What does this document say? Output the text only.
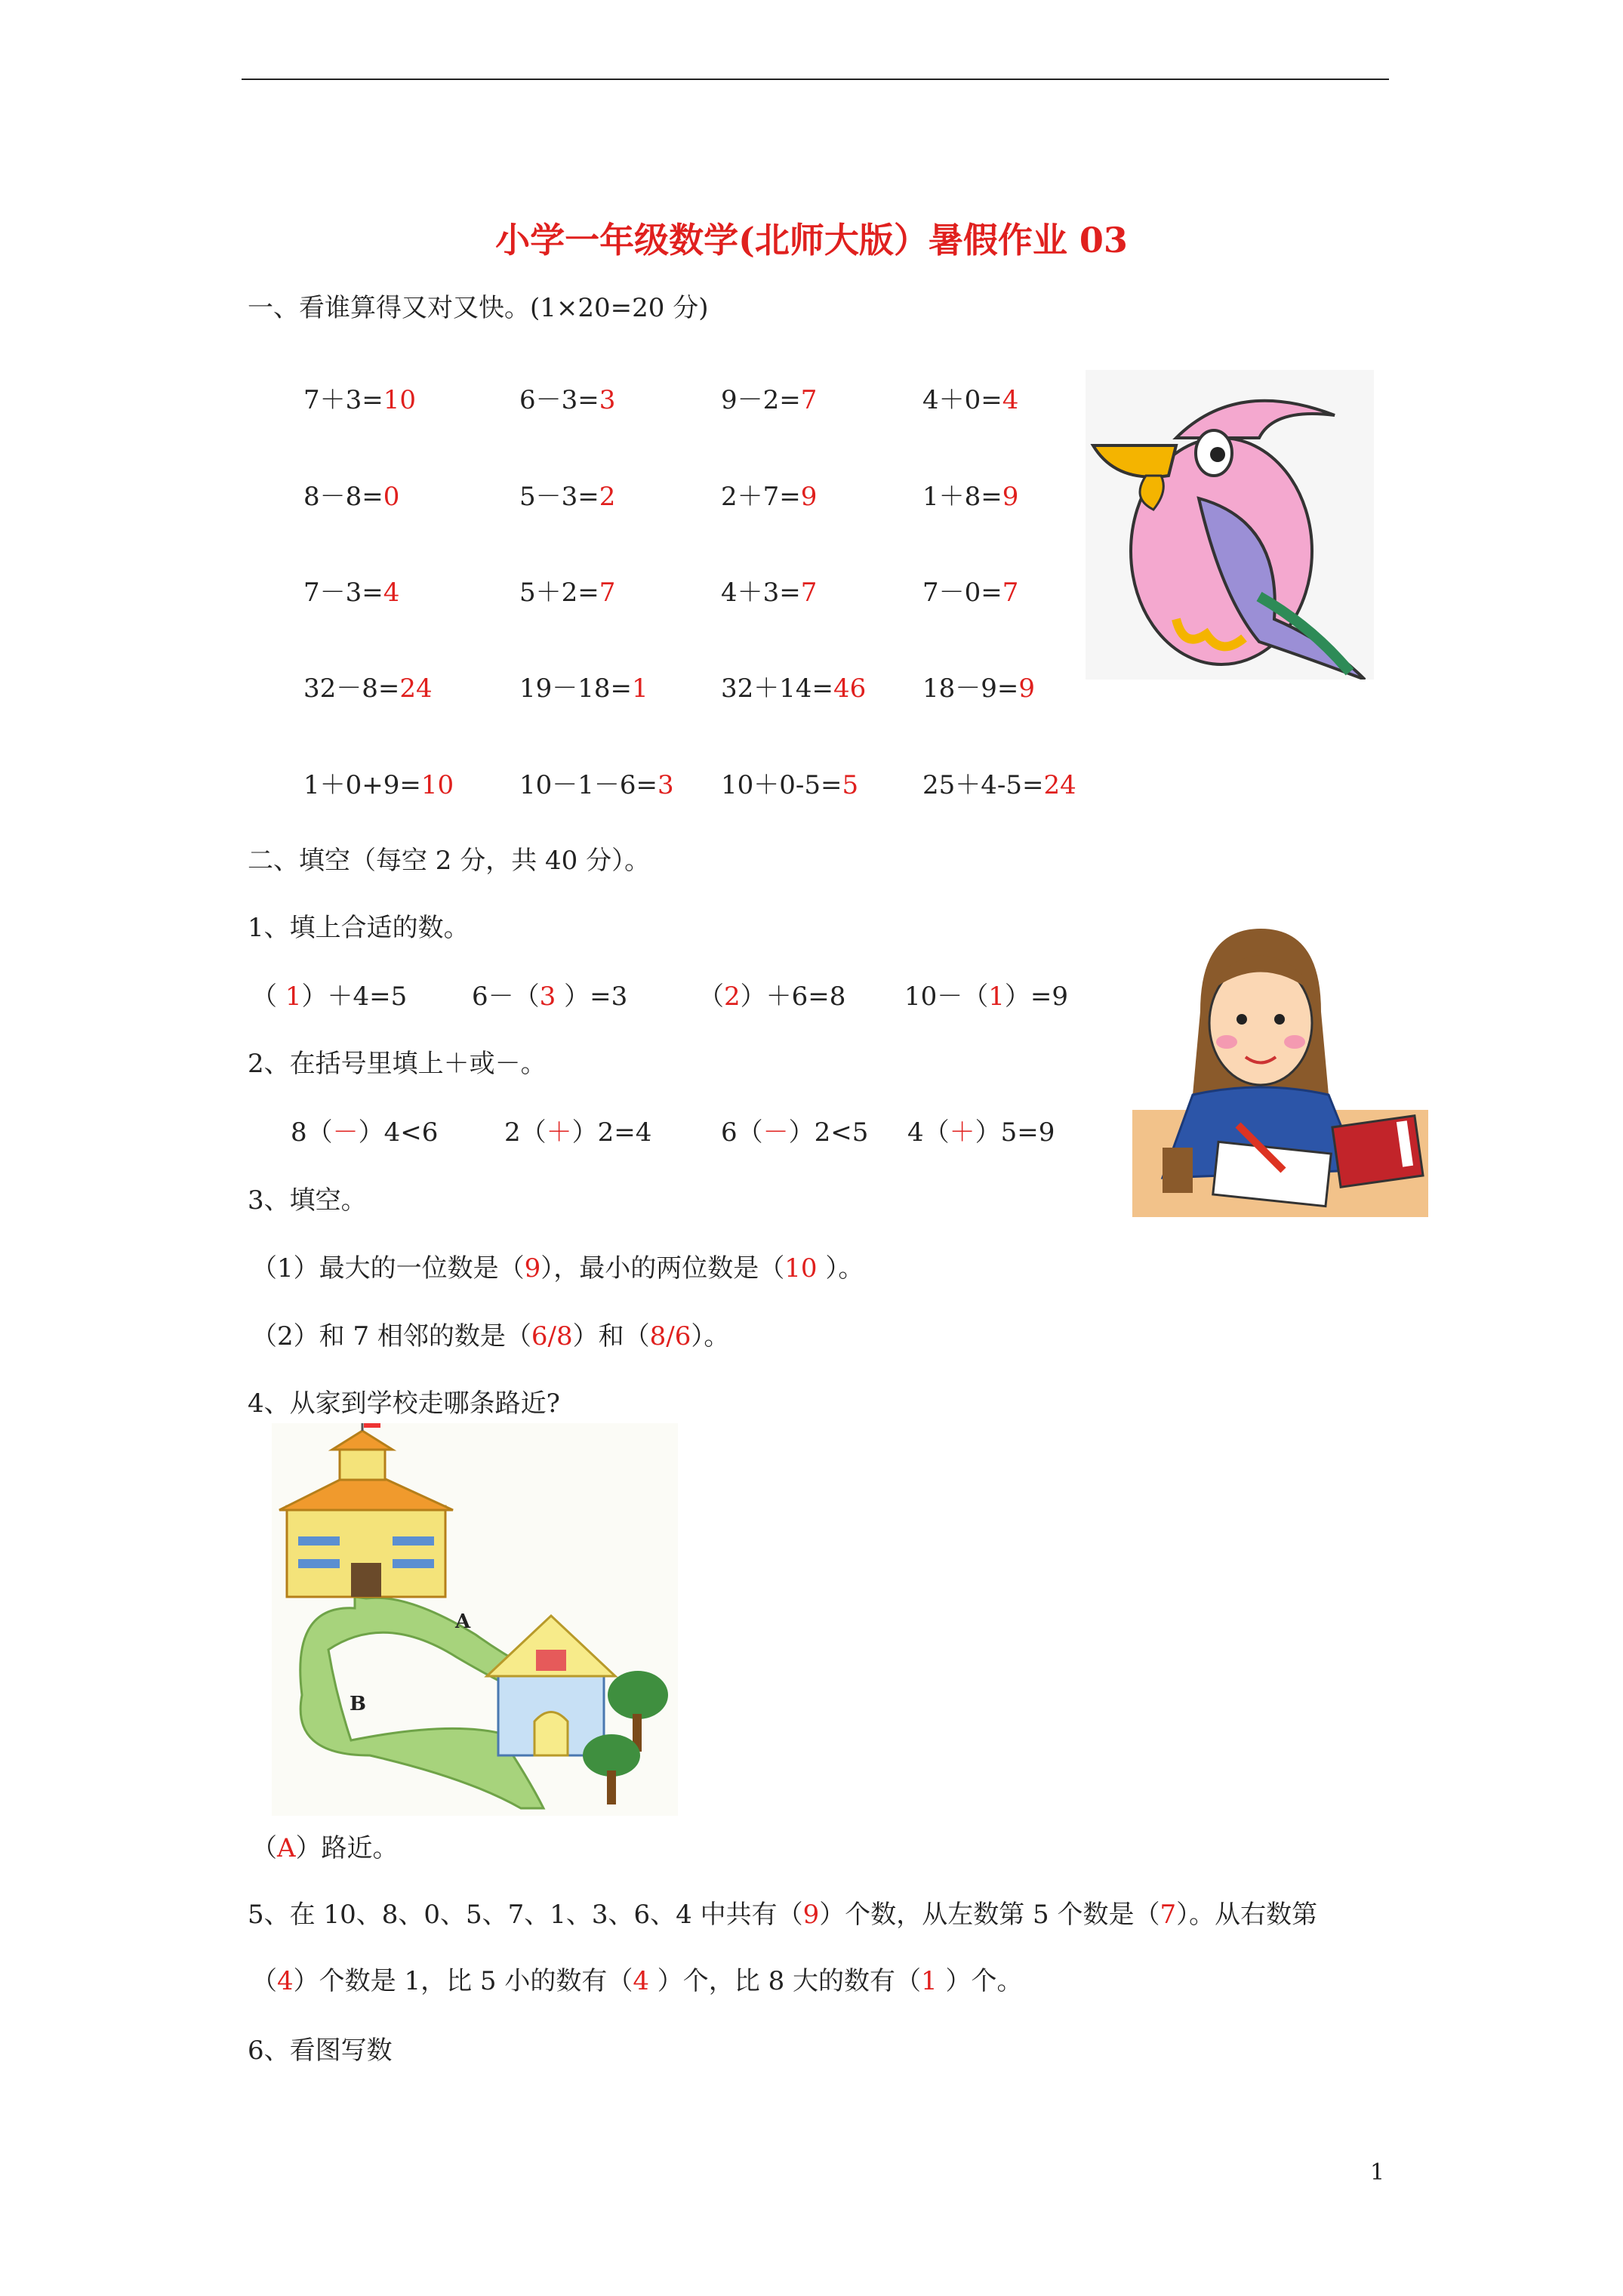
小学一年级数学(北师大版）暑假作业 03
一、看谁算得又对又快。(1×20=20 分)
7＋3=10	6－3=3	9－2=7	4＋0=4
8－8=0	5－3=2	2＋7=9	1＋8=9
7－3=4	5＋2=7	4＋3=7	7－0=7
32－8=24	19－18=1	32＋14=46 18－9=9
1＋0+9=10	10－1－6=3 10＋0-5=5 25＋4-5=24
二、填空（每空 2 分，共 40 分）。
1、填上合适的数。
（ 1）＋4=5	6－（3 ）=3	（2）＋6=8 10－（1）=9
2、在括号里填上＋或－。
8（－）4<6	2（＋）2=4	6（－）2<5 4（＋）5=9
3、填空。
（1）最大的一位数是（9），最小的两位数是（10 ）。
（2）和 7 相邻的数是（6/8）和（8/6）。
4、从家到学校走哪条路近?
A
B
（A）路近。
5、在 10、8、0、5、7、1、3、6、4 中共有（9）个数，从左数第 5 个数是（7）。从右数第
（4）个数是 1，比 5 小的数有（4 ）个，比 8 大的数有（1 ）个。
6、看图写数
1
